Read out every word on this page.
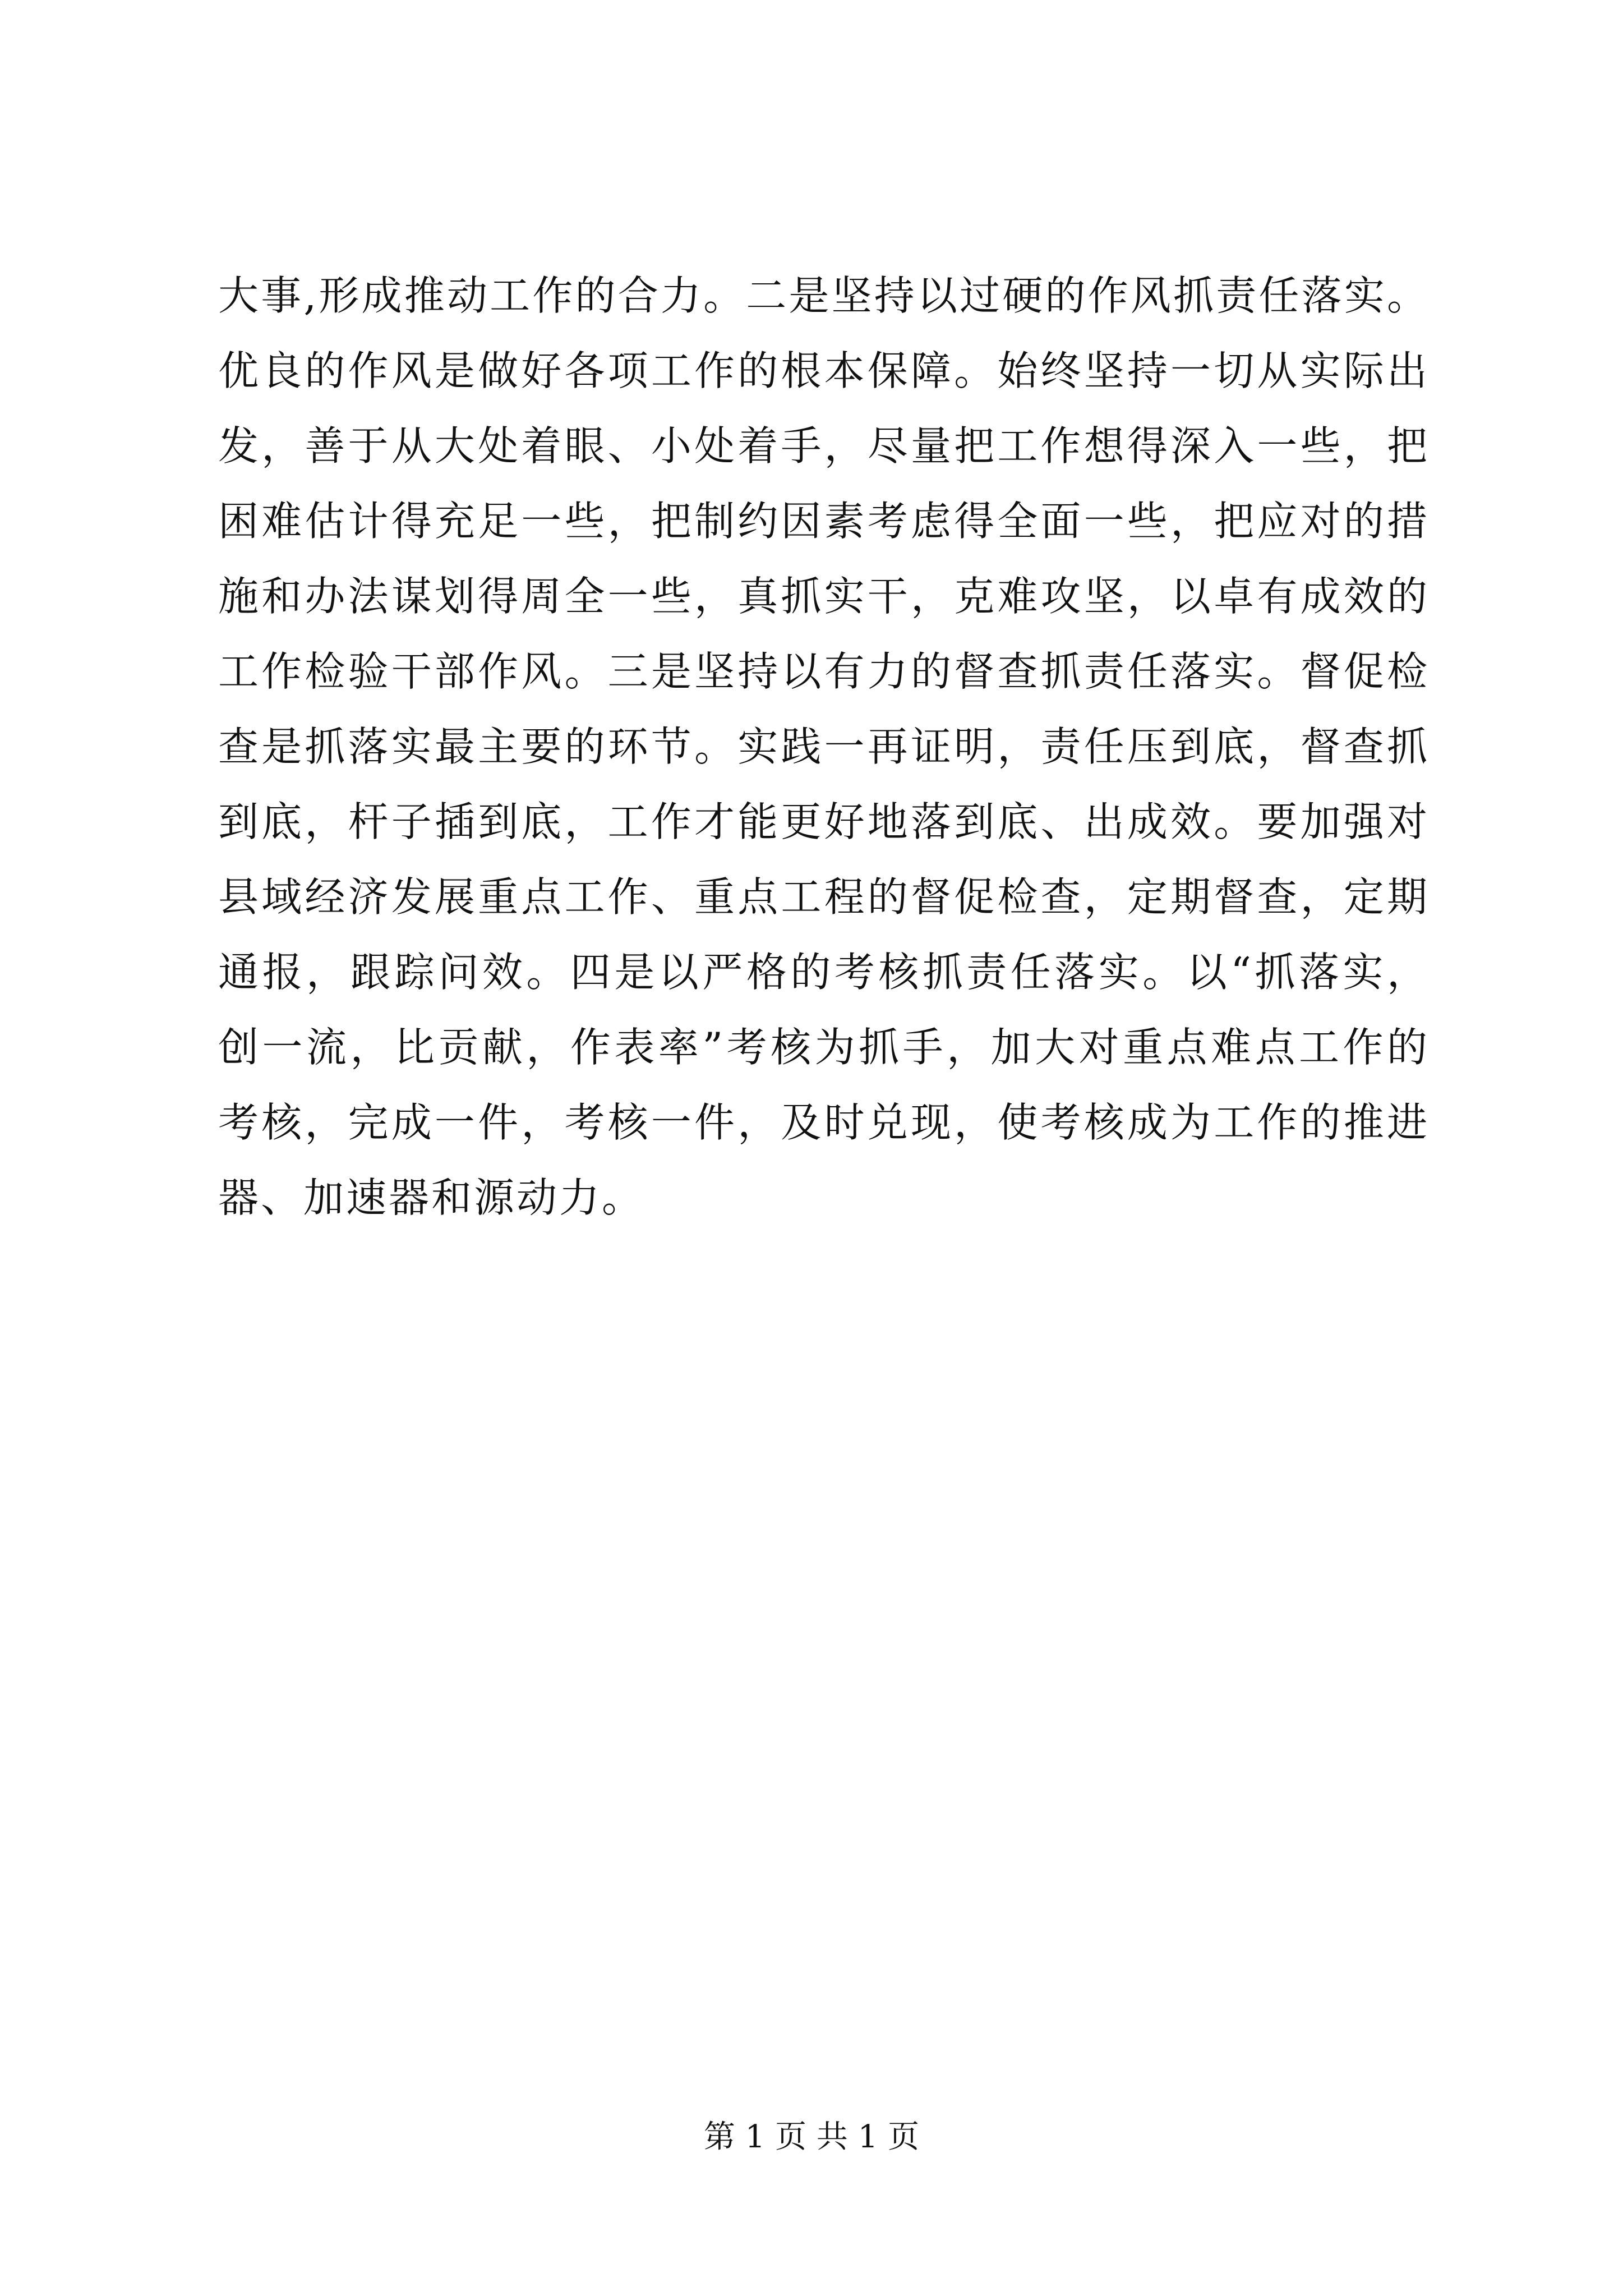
大事,形成推动工作的合力。二是坚持以过硬的作风抓责任落实。
优良的作风是做好各项工作的根本保障。始终坚持一切从实际出
发，善于从大处着眼、小处着手，尽量把工作想得深入一些，把
困难估计得充足一些，把制约因素考虑得全面一些，把应对的措
施和办法谋划得周全一些，真抓实干，克难攻坚，以卓有成效的
工作检验干部作风。三是坚持以有力的督查抓责任落实。督促检
查是抓落实最主要的环节。实践一再证明，责任压到底，督查抓
到底，杆子插到底，工作才能更好地落到底、出成效。要加强对
县域经济发展重点工作、重点工程的督促检查，定期督查，定期
通报，跟踪问效。四是以严格的考核抓责任落实。以“抓落实，
创一流，比贡献，作表率”考核为抓手，加大对重点难点工作的
考核，完成一件，考核一件，及时兑现，使考核成为工作的推进
器、加速器和源动力。
第 1 页 共 1 页
